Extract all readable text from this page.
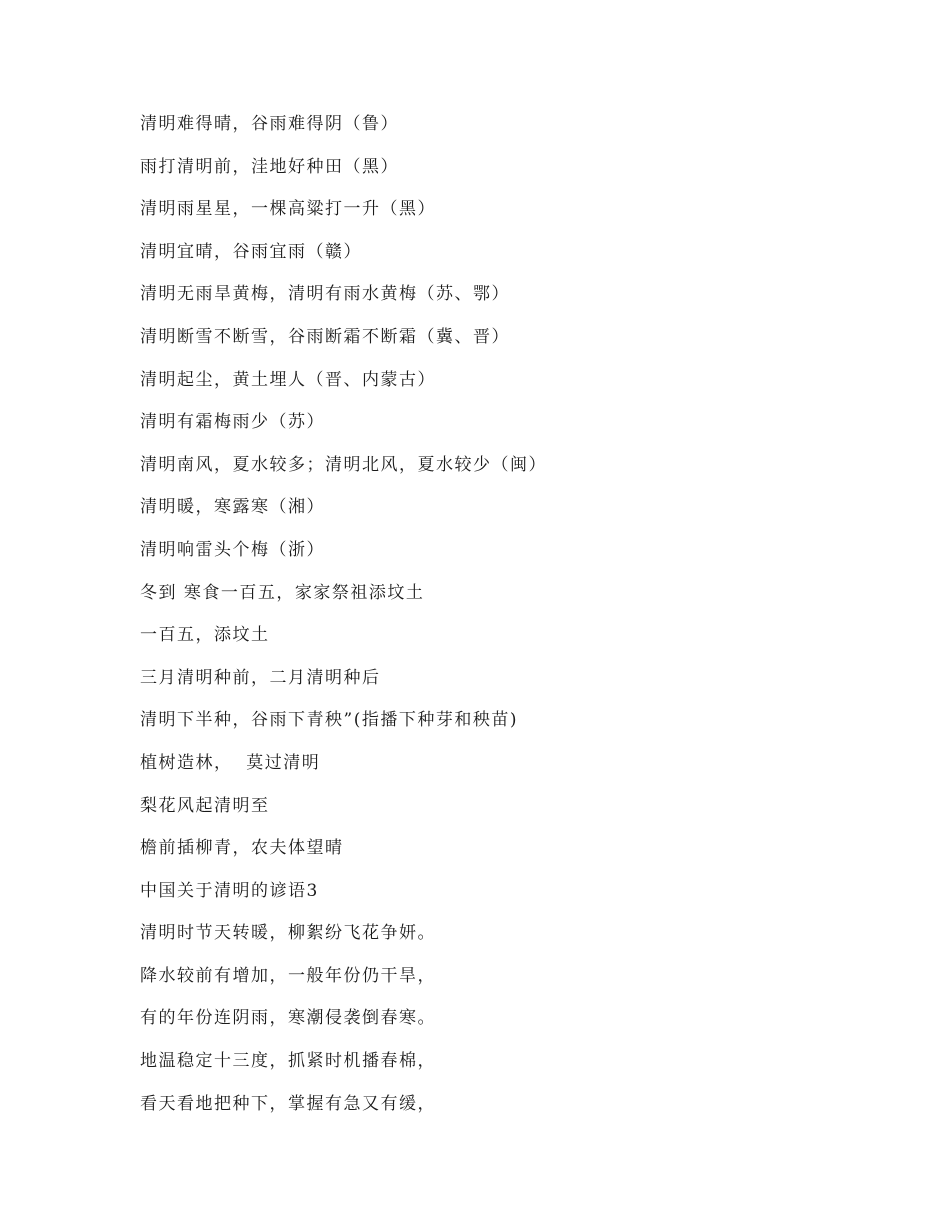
清明难得晴，谷雨难得阴（鲁）
雨打清明前，洼地好种田（黑）
清明雨星星，一棵高粱打一升（黑）
清明宜晴，谷雨宜雨（赣）
清明无雨旱黄梅，清明有雨水黄梅（苏、鄂）
清明断雪不断雪，谷雨断霜不断霜（冀、晋）
清明起尘，黄土埋人（晋、内蒙古）
清明有霜梅雨少（苏）
清明南风，夏水较多；清明北风，夏水较少（闽）
清明暖，寒露寒（湘）
清明响雷头个梅（浙）
冬到 寒食一百五，家家祭祖添坟土
一百五，添坟土
三月清明种前，二月清明种后
清明下半种，谷雨下青秧”(指播下种芽和秧苗)
植树造林，  莫过清明
梨花风起清明至
檐前插柳青，农夫体望晴
中国关于清明的谚语3
清明时节天转暖，柳絮纷飞花争妍。
降水较前有增加，一般年份仍干旱，
有的年份连阴雨，寒潮侵袭倒春寒。
地温稳定十三度，抓紧时机播春棉，
看天看地把种下，掌握有急又有缓，
